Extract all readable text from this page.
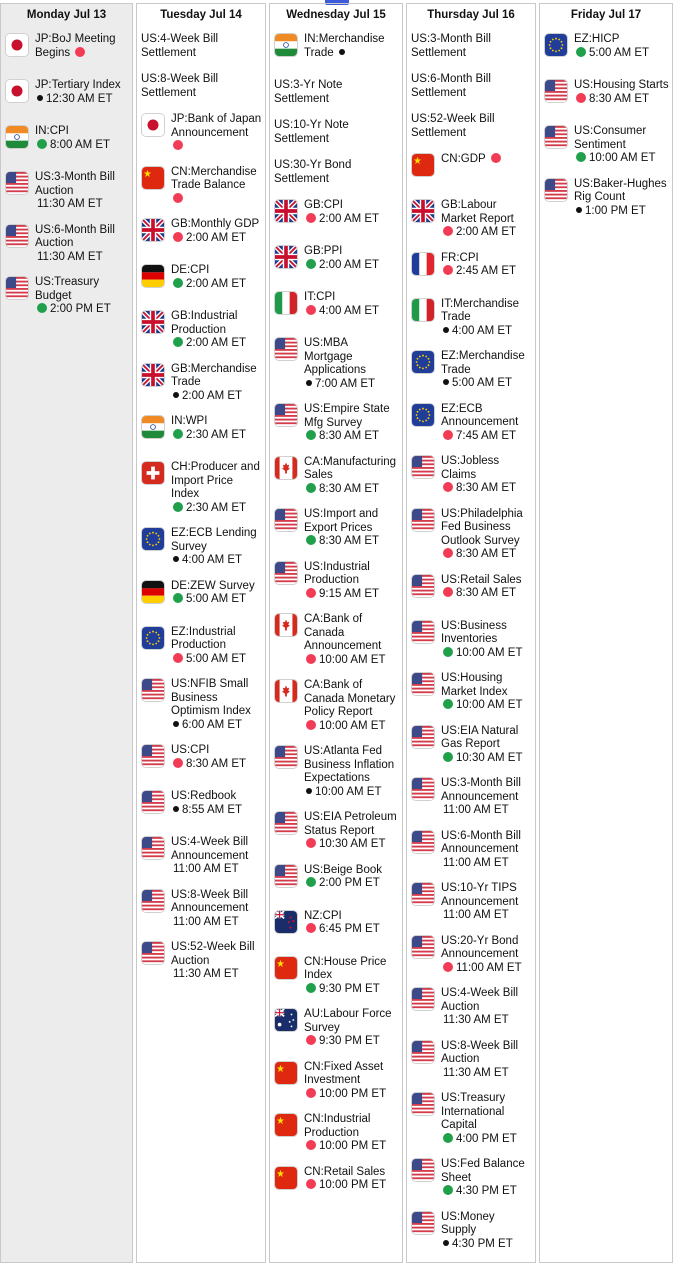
Monday Jul 13
JP:BoJ Meeting Begins
JP:Tertiary Index
12:30 AM ET
IN:CPI
8:00 AM ET
US:3-Month Bill Auction
11:30 AM ET
US:6-Month Bill Auction
11:30 AM ET
US:Treasury Budget
2:00 PM ET
Tuesday Jul 14
US:4-Week Bill Settlement
US:8-Week Bill Settlement
JP:Bank of Japan Announcement
CN:Merchandise Trade Balance
GB:Monthly GDP
2:00 AM ET
DE:CPI
2:00 AM ET
GB:Industrial Production
2:00 AM ET
GB:Merchandise Trade
2:00 AM ET
IN:WPI
2:30 AM ET
CH:Producer and Import Price Index
2:30 AM ET
EZ:ECB Lending Survey
4:00 AM ET
DE:ZEW Survey
5:00 AM ET
EZ:Industrial Production
5:00 AM ET
US:NFIB Small Business Optimism Index
6:00 AM ET
US:CPI
8:30 AM ET
US:Redbook
8:55 AM ET
US:4-Week Bill Announcement
11:00 AM ET
US:8-Week Bill Announcement
11:00 AM ET
US:52-Week Bill Auction
11:30 AM ET
Wednesday Jul 15
IN:Merchandise Trade
US:3-Yr Note Settlement
US:10-Yr Note Settlement
US:30-Yr Bond Settlement
GB:CPI
2:00 AM ET
GB:PPI
2:00 AM ET
IT:CPI
4:00 AM ET
US:MBA Mortgage Applications
7:00 AM ET
US:Empire State Mfg Survey
8:30 AM ET
CA:Manufacturing Sales
8:30 AM ET
US:Import and Export Prices
8:30 AM ET
US:Industrial Production
9:15 AM ET
CA:Bank of Canada Announcement
10:00 AM ET
CA:Bank of Canada Monetary Policy Report
10:00 AM ET
US:Atlanta Fed Business Inflation Expectations
10:00 AM ET
US:EIA Petroleum Status Report
10:30 AM ET
US:Beige Book
2:00 PM ET
NZ:CPI
6:45 PM ET
CN:House Price Index
9:30 PM ET
AU:Labour Force Survey
9:30 PM ET
CN:Fixed Asset Investment
10:00 PM ET
CN:Industrial Production
10:00 PM ET
CN:Retail Sales
10:00 PM ET
Thursday Jul 16
US:3-Month Bill Settlement
US:6-Month Bill Settlement
US:52-Week Bill Settlement
CN:GDP
GB:Labour Market Report
2:00 AM ET
FR:CPI
2:45 AM ET
IT:Merchandise Trade
4:00 AM ET
EZ:Merchandise Trade
5:00 AM ET
EZ:ECB Announcement
7:45 AM ET
US:Jobless Claims
8:30 AM ET
US:Philadelphia Fed Business Outlook Survey
8:30 AM ET
US:Retail Sales
8:30 AM ET
US:Business Inventories
10:00 AM ET
US:Housing Market Index
10:00 AM ET
US:EIA Natural Gas Report
10:30 AM ET
US:3-Month Bill Announcement
11:00 AM ET
US:6-Month Bill Announcement
11:00 AM ET
US:10-Yr TIPS Announcement
11:00 AM ET
US:20-Yr Bond Announcement
11:00 AM ET
US:4-Week Bill Auction
11:30 AM ET
US:8-Week Bill Auction
11:30 AM ET
US:Treasury International Capital
4:00 PM ET
US:Fed Balance Sheet
4:30 PM ET
US:Money Supply
4:30 PM ET
Friday Jul 17
EZ:HICP
5:00 AM ET
US:Housing Starts
8:30 AM ET
US:Consumer Sentiment
10:00 AM ET
US:Baker-Hughes Rig Count
1:00 PM ET
